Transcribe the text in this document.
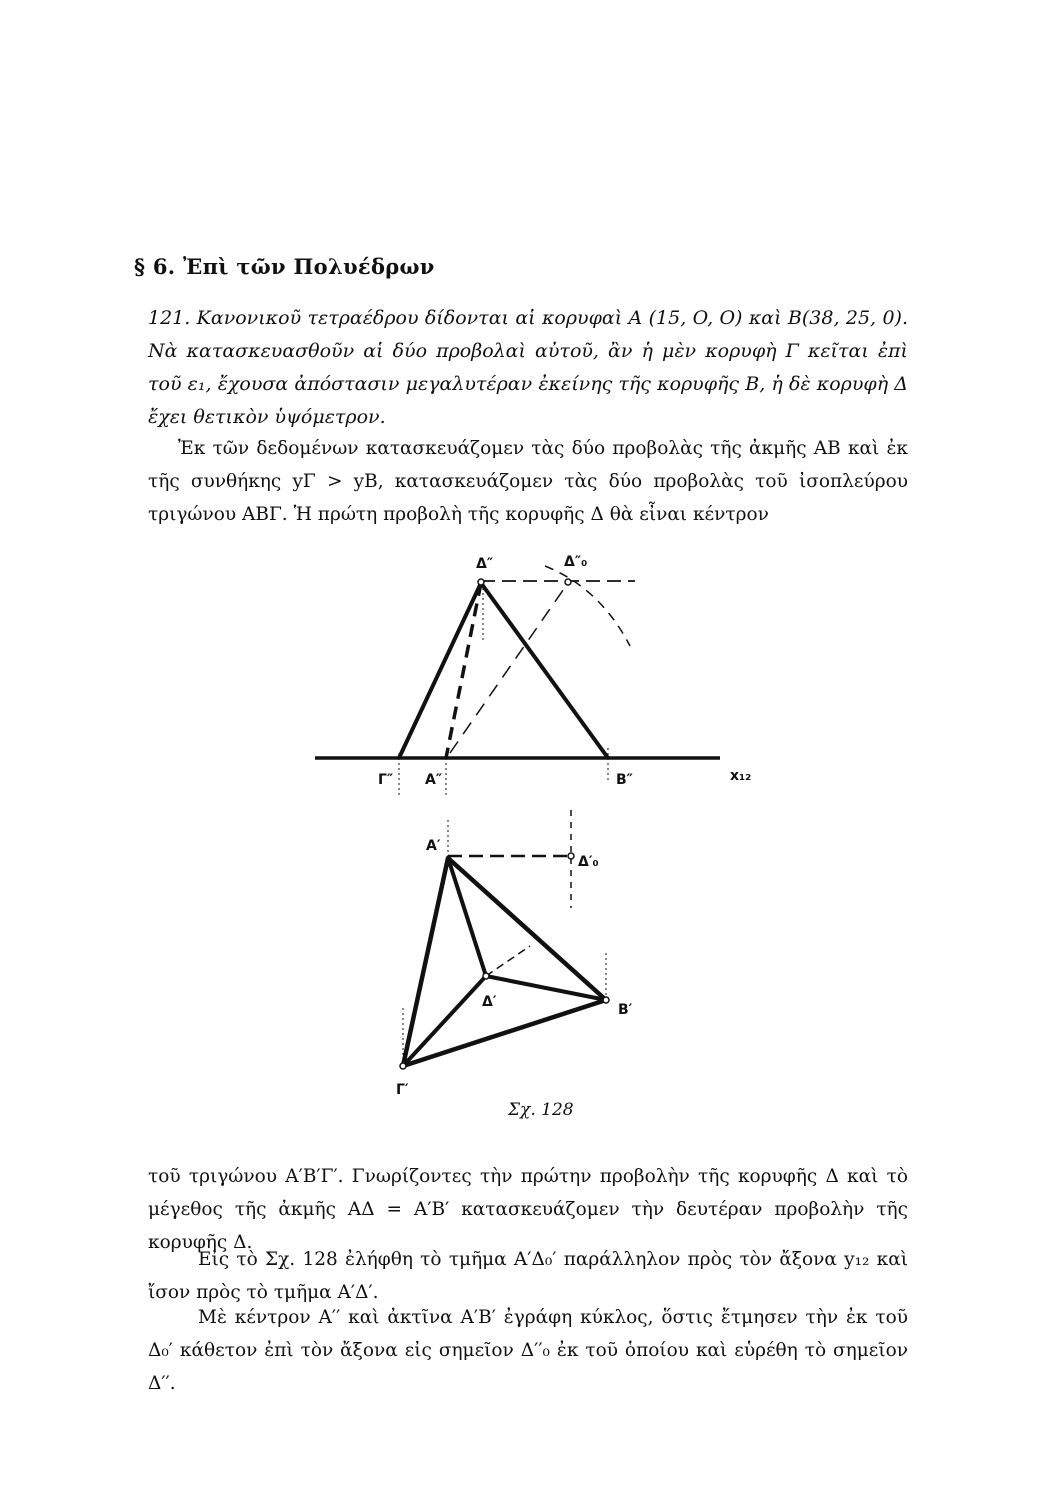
§ 6. Ἐπὶ τῶν Πολυέδρων

121. Κανονικοῦ τετραέδρου δίδονται αἱ κορυφαὶ A (15, O, O) καὶ B(38, 25, 0). Νὰ κατασκευασθοῦν αἱ δύο προβολαὶ αὐτοῦ, ἂν ἡ μὲν κορυφὴ Γ κεῖται ἐπὶ τοῦ ε₁, ἔχουσα ἀπόστασιν μεγαλυτέραν ἐκείνης τῆς κορυφῆς B, ἡ δὲ κορυφὴ Δ ἔχει θετικὸν ὑψόμετρον.

Ἐκ τῶν δεδομένων κατασκευάζομεν τὰς δύο προβολὰς τῆς ἀκμῆς AB καὶ ἐκ τῆς συνθήκης yΓ > yB, κατασκευάζομεν τὰς δύο προβολὰς τοῦ ἰσοπλεύρου τριγώνου ΑΒΓ. Ἡ πρώτη προβολὴ τῆς κορυφῆς Δ θὰ εἶναι κέντρον

Δ″	Δ″₀
Γ″ Α″	Β″	x₁₂
Α′
Δ′₀
Δ′	Β′
Γ′

Σχ. 128

τοῦ τριγώνου Α′Β′Γ′. Γνωρίζοντες τὴν πρώτην προβολὴν τῆς κορυφῆς Δ καὶ τὸ μέγεθος τῆς ἀκμῆς ΑΔ = Α′Β′ κατασκευάζομεν τὴν δευτέραν προβολὴν τῆς κορυφῆς Δ.

Εἰς τὸ Σχ. 128 ἐλήφθη τὸ τμῆμα Α′Δ₀′ παράλληλον πρὸς τὸν ἄξονα y₁₂ καὶ ἴσον πρὸς τὸ τμῆμα Α′Δ′.

Μὲ κέντρον Α′′ καὶ ἀκτῖνα Α′Β′ ἐγράφη κύκλος, ὅστις ἔτμησεν τὴν ἐκ τοῦ Δ₀′ κάθετον ἐπὶ τὸν ἄξονα εἰς σημεῖον Δ′′₀ ἐκ τοῦ ὁποίου καὶ εὑρέθη τὸ σημεῖον Δ′′.
